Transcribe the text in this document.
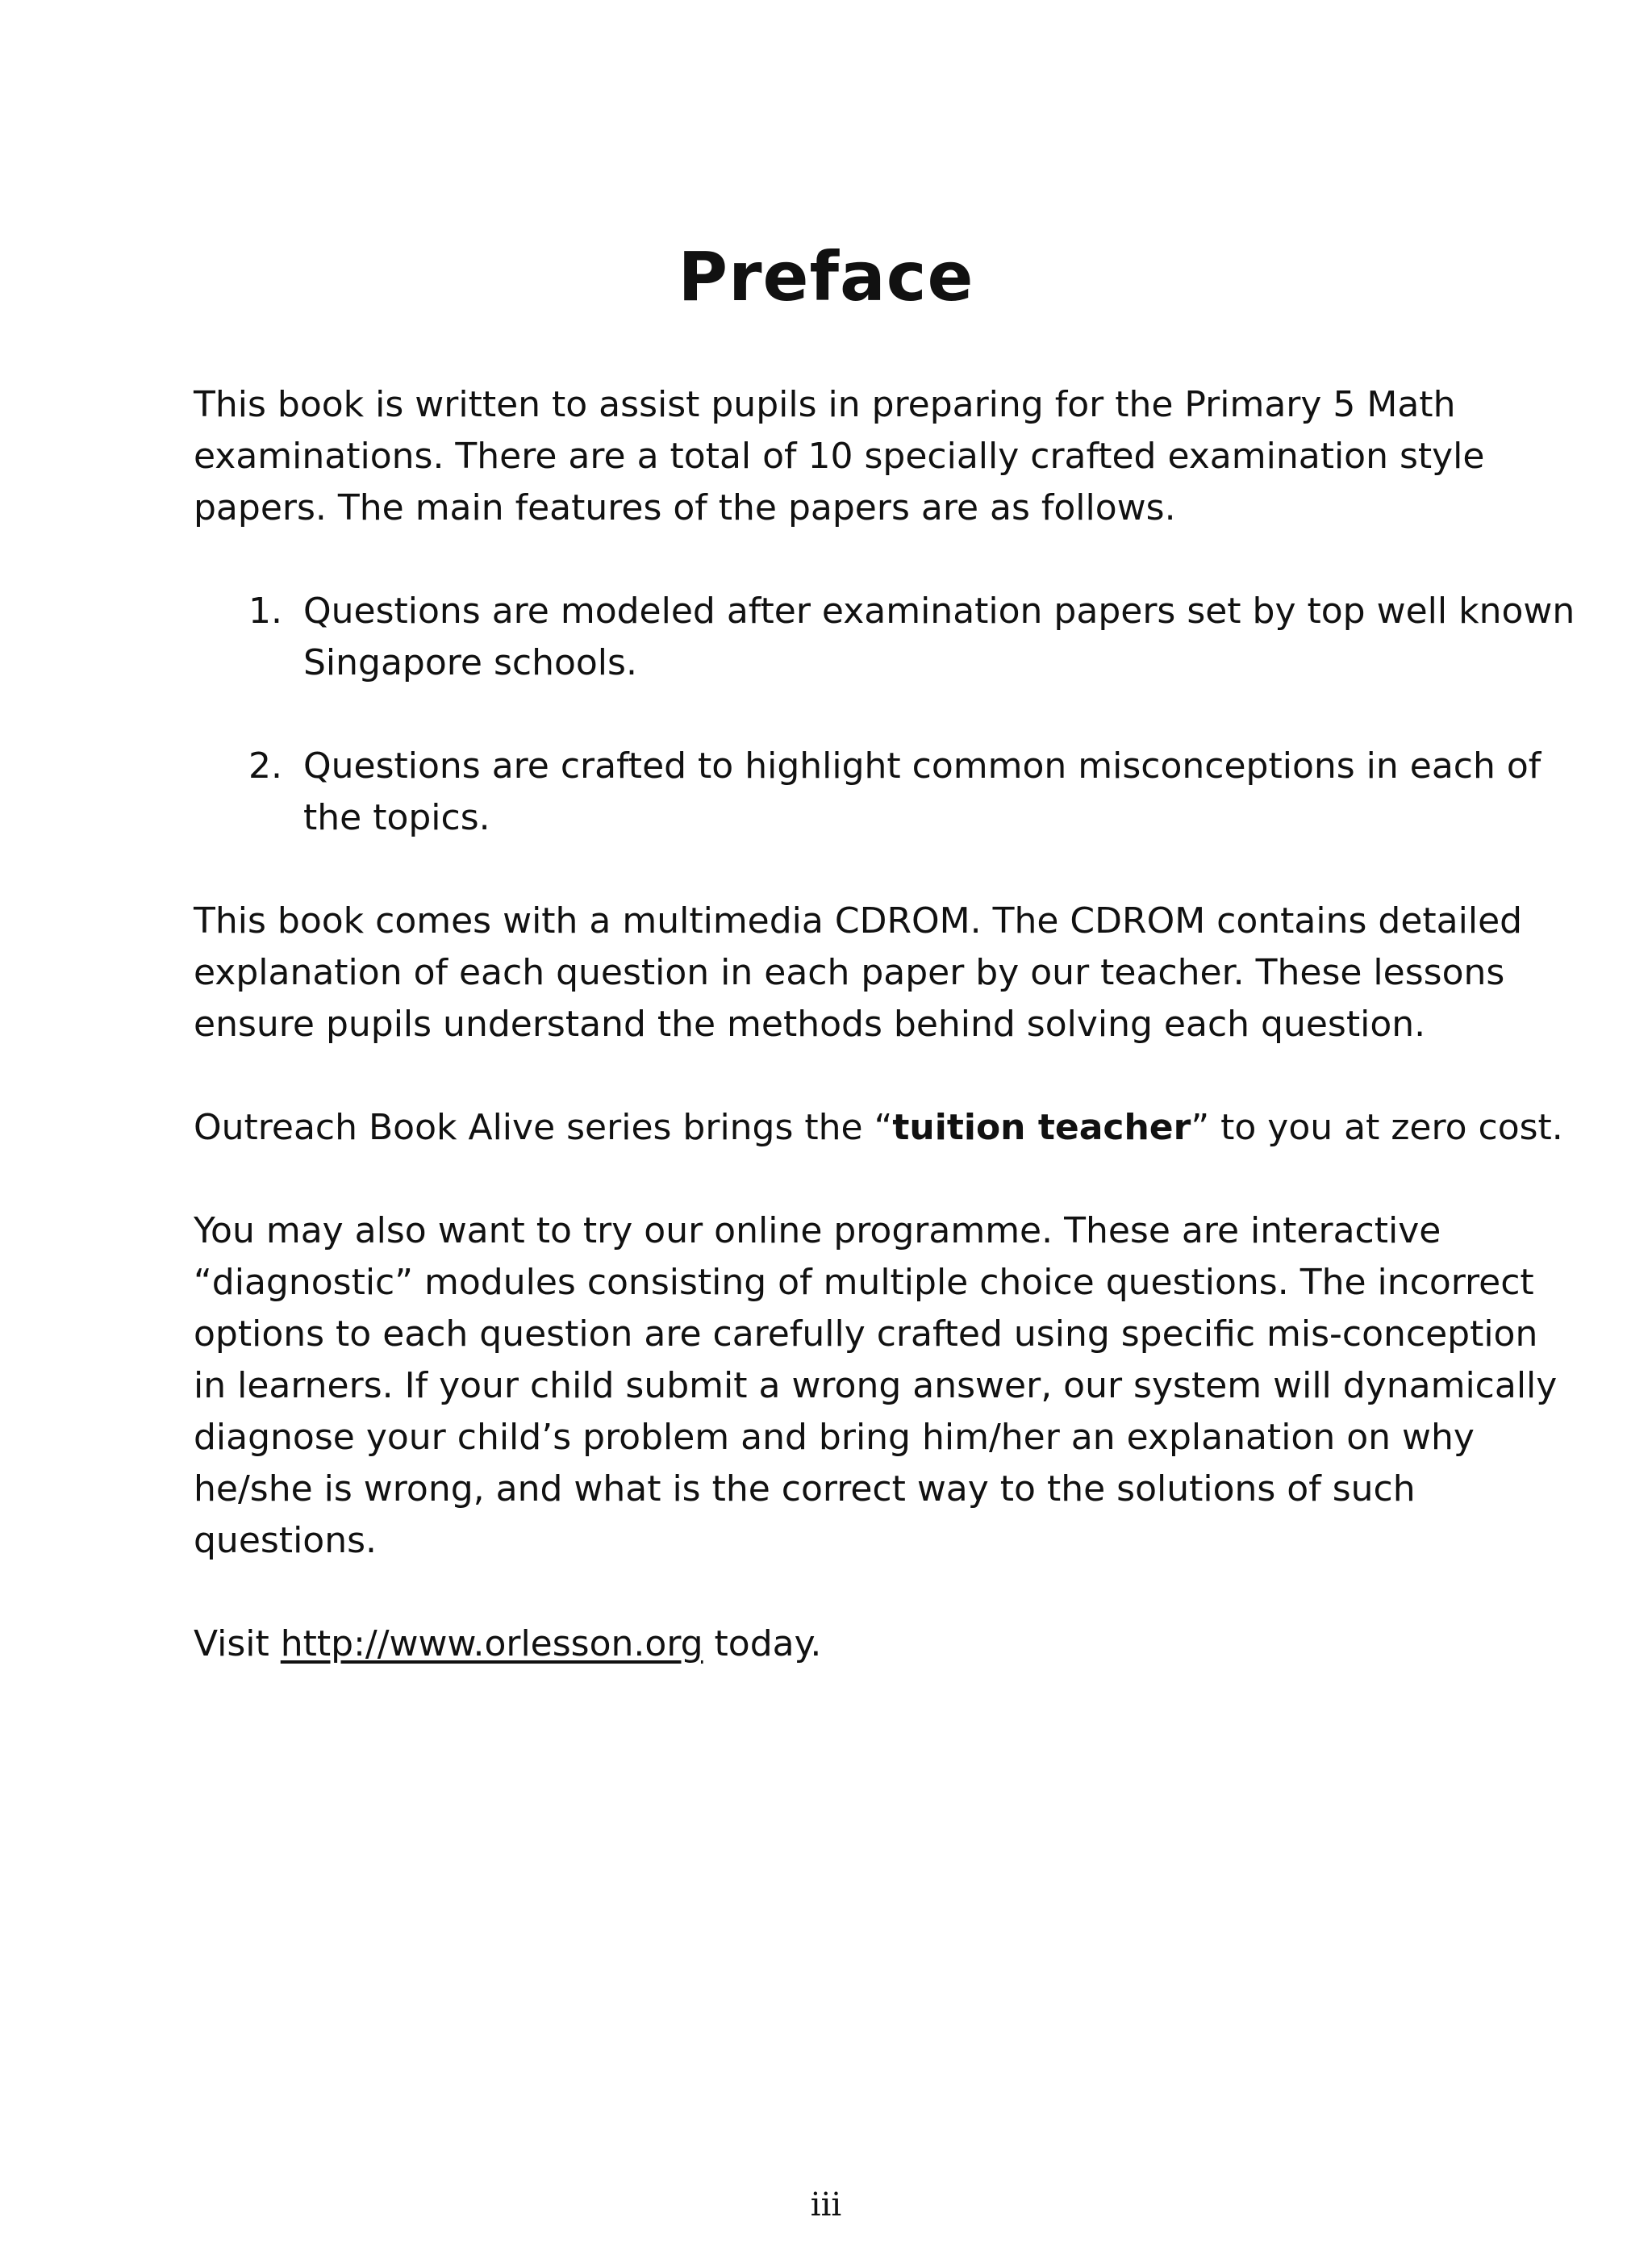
Preface

This book is written to assist pupils in preparing for the Primary 5 Math examinations. There are a total of 10 specially crafted examination style papers. The main features of the papers are as follows.

1. Questions are modeled after examination papers set by top well known Singapore schools.
2. Questions are crafted to highlight common misconceptions in each of the topics.

This book comes with a multimedia CDROM. The CDROM contains detailed explanation of each question in each paper by our teacher. These lessons ensure pupils understand the methods behind solving each question.

Outreach Book Alive series brings the “tuition teacher” to you at zero cost.

You may also want to try our online programme. These are interactive “diagnostic” modules consisting of multiple choice questions. The incorrect options to each question are carefully crafted using specific mis-conception in learners. If your child submit a wrong answer, our system will dynamically diagnose your child’s problem and bring him/her an explanation on why he/she is wrong, and what is the correct way to the solutions of such questions.

Visit http://www.orlesson.org today.

iii
